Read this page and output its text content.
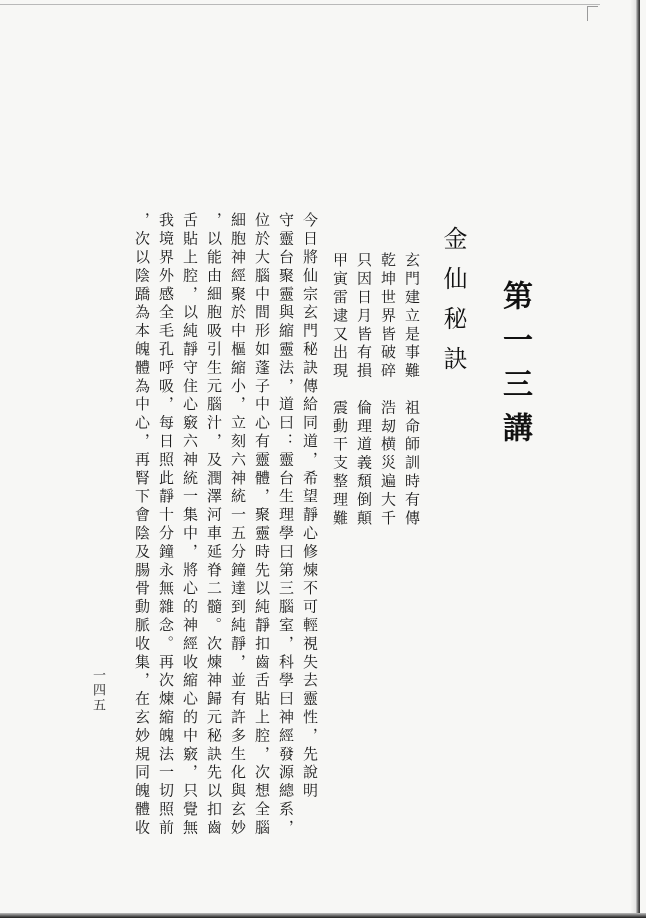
第一三講
金仙秘訣
玄門建立是事難　祖命師訓時有傳
乾坤世界皆破碎　浩刼横災遍大千
只因日月皆有損　倫理道義頹倒顛
甲寅雷逮又出現　震動干支整理難
今日將仙宗玄門秘訣傳給同道，希望靜心修煉不可輕視失去靈性，先說明
守靈台聚靈與縮靈法，道曰：靈台生理學曰第三腦室，科學曰神經發源總系，
位於大腦中間形如蓬子中心有靈體，聚靈時先以純靜扣齒舌貼上腔，次想全腦
細胞神經聚於中樞縮小，立刻六神統一五分鐘達到純靜，並有許多生化與玄妙
，以能由細胞吸引生元腦汁，及潤澤河車延脊二髓。次煉神歸元秘訣先以扣齒
舌貼上腔，以純靜守住心竅六神統一集中，將心的神經收縮心的中竅，只覺無
我境界外感全毛孔呼吸，每日照此靜十分鐘永無雜念。再次煉縮魄法一切照前
，次以陰蹻為本魄體為中心，再腎下會陰及腸骨動脈收集，在玄妙規同魄體收
一四五
